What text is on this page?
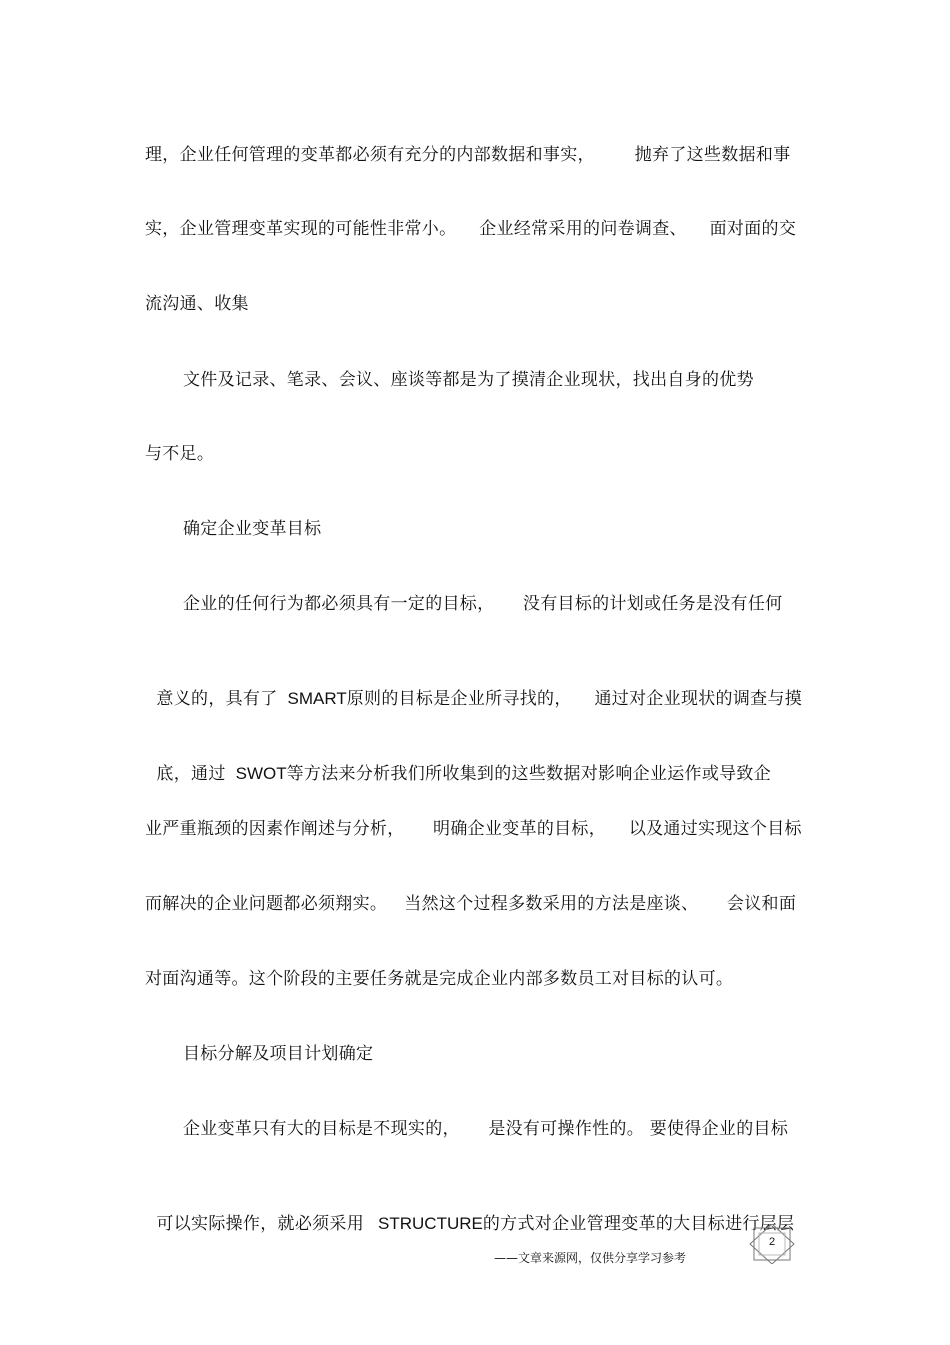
理，企业任何管理的变革都必须有充分的内部数据和事实，       抛弃了这些数据和事
实，企业管理变革实现的可能性非常小。    企业经常采用的问卷调查、    面对面的交
流沟通、收集
文件及记录、笔录、会议、座谈等都是为了摸清企业现状，找出自身的优势
与不足。
确定企业变革目标
企业的任何行为都必须具有一定的目标，     没有目标的计划或任务是没有任何

意义的，具有了 SMART原则的目标是企业所寻找的，    通过对企业现状的调查与摸

底，通过 SWOT等方法来分析我们所收集到的这些数据对影响企业运作或导致企

业严重瓶颈的因素作阐述与分析，     明确企业变革的目标，    以及通过实现这个目标
而解决的企业问题都必须翔实。   当然这个过程多数采用的方法是座谈、     会议和面
对面沟通等。这个阶段的主要任务就是完成企业内部多数员工对目标的认可。
目标分解及项目计划确定
企业变革只有大的目标是不现实的，     是没有可操作性的。 要使得企业的目标

可以实际操作，就必须采用 STRUCTURE的方式对企业管理变革的大目标进行层层

2
——文章来源网，仅供分享学习参考
